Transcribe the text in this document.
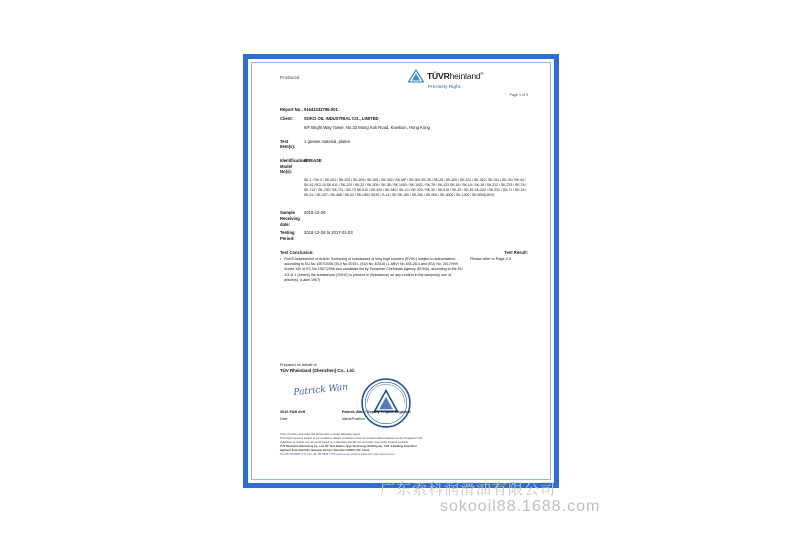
Produced	TÜVRheinland®
Precisely Right.
Page 1 of 9
Report No.: 01641232786.001
Client:	SOKO OIL INDUSTRIAL CO., LIMITED
6/F Bright Way Tower, No.33 Mong Kok Road, Kowloon, Hong Kong
Test Item(s):
1 grease material, plates
Identification/ Model No(s):
GREASE
SK-1 / SK-2 / SK-201 / SK-202 / SK-203 / SK-301 / SK-302 / SK-MP / SK-300 SK-30 / SK-28 / SK-320 / SK-321 / SK-310 / SK-311 / SK-33 / SK-44 / SK-61 SK2-10 SK-611 / SK-220 / SK-22 / SK-305 / SK-35 / SK-1000 / SK-1002 / SK-76 / SK-123 SK-18 / SK-19 / SK-18 / SK-212 / SK-233 / SK-76 / SK-722 / SK-700 / SK-711 / SK-73 SK-910 / SK-920 / SK-930 / SK-10 / SK-320 / SK-30 / SK-910 / SK-22 / SK-51 SK-230 / SK-231 / SK-71 / SK-15 / SK-21 / SK-207 / SK-468 / SK-02 / SK-0302 SK30 / S-13 / SK SK-190 / SK-290 / SK-900 / SK-3000 / SK-1200 / SK 5000(1KG)
Sample Receiving date:
2016-12-26
Testing Period:
2016-12-26 to 2017-01-03
Test Conclusion:	Test Result:
• RoHS Assessment of Article: Screening of substances of very high concern (SVHC) subject to authorisation, according to EU No 1907/2006 (EU) No 2015 L (EU) No 3/2016 (1-ABV) No 845-28-4 and (EU) No. 2017/999 Annex XIV of EC No 1907/2006 and candidate list by European Chemicals Agency (ECHA), according to the EU 1/3 of 1 (Annex) the substances (SVHC) is present in (Substance) on any content in the sample(s) one of article(s), (Label 1907).
Please refer to Page 2-9
Prepared on behalf of
TÜV Rheinland (Shenzhen) Co., Ltd.
Patrick Wan
2016 FAB deff	Patrick Wan / Deputy Project Engineer
Date	Name/Position
This is to inform and verify that all the test is a single laboratory report
This report issued is subject to our conditions. Written protection of test and product without assessment by competent in the
publication or results. Any test result based on a laboratory sample can not certify more of the covered products.
TÜV Rheinland (Shenzhen) Co., Ltd. 3/F Tech Build 1, Qiye Technology Building No. 1 Rd, 9 Building Road No.2,
Hightech Industrial Park, Nanshan District, Shenzhen 518057, P.R. China
Tel.+86 755 8828 7771 Fax +86 755 8828 7778 www.tuv.com www.tuvchina.com mail: www.tuv.com
广东索科润滑油有限公司
sokooil88.1688.com
